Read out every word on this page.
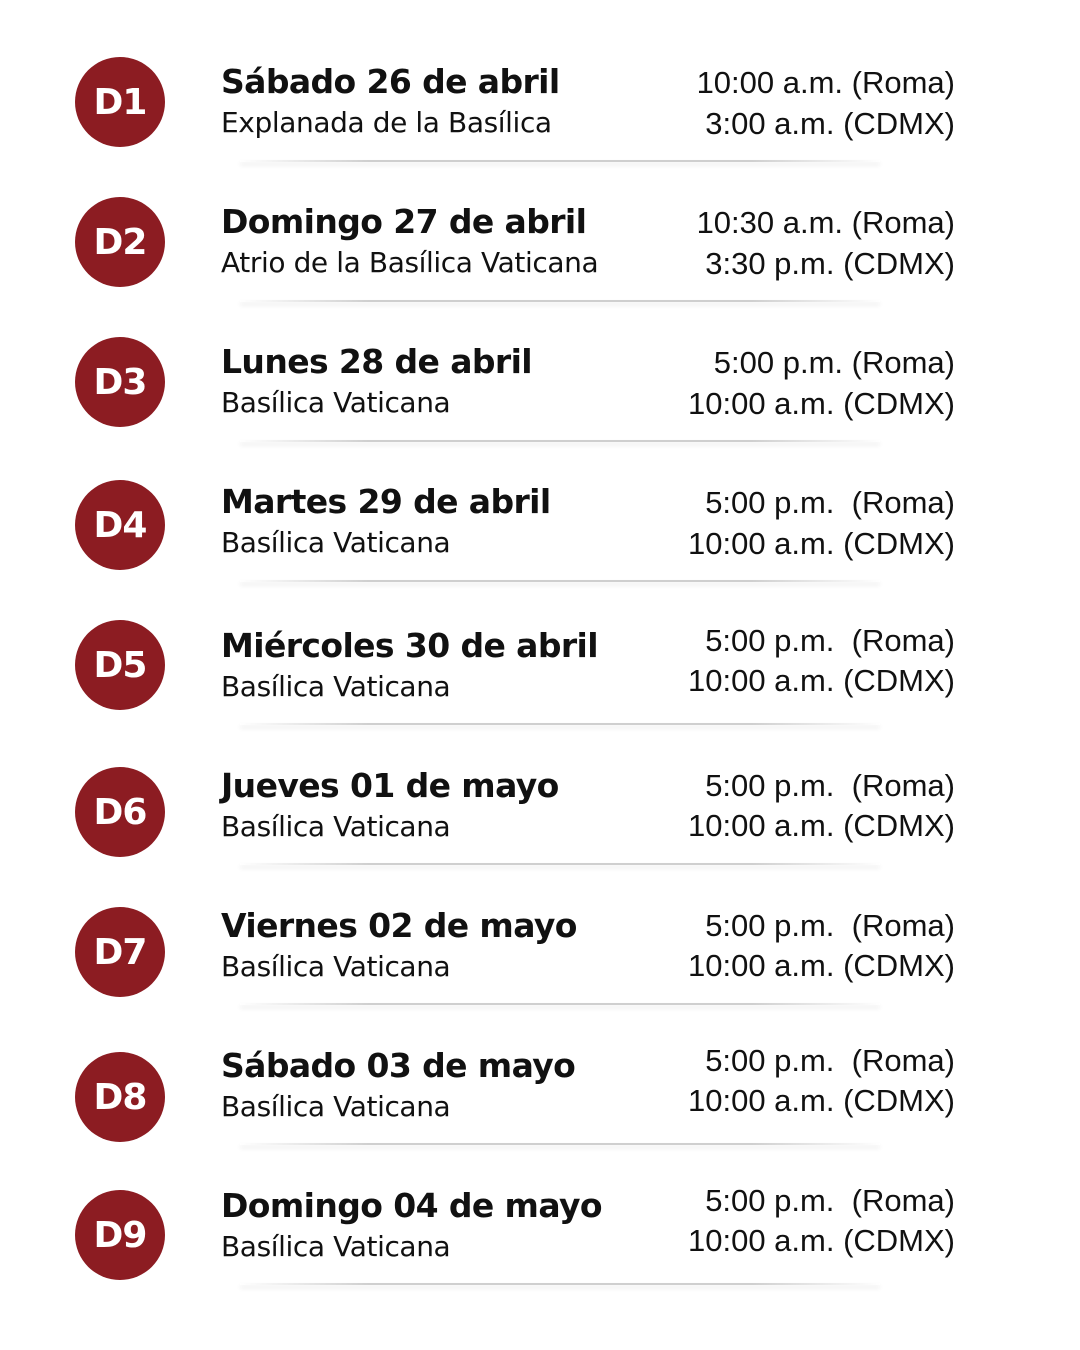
D1	Sábado 26 de abril
Explanada de la Basílica
10:00 a.m. (Roma)
3:00 a.m. (CDMX)
D2	Domingo 27 de abril
Atrio de la Basílica Vaticana
10:30 a.m. (Roma)
3:30 p.m. (CDMX)
D3	Lunes 28 de abril
Basílica Vaticana
5:00 p.m. (Roma)
10:00 a.m. (CDMX)
D4
Martes 29 de abril
Basílica Vaticana
5:00 p.m.  (Roma)
10:00 a.m. (CDMX)
D5	Miércoles 30 de abril
Basílica Vaticana
5:00 p.m.  (Roma)
10:00 a.m. (CDMX)
D6
Jueves 01 de mayo
Basílica Vaticana
5:00 p.m.  (Roma)
10:00 a.m. (CDMX)
D7
Viernes 02 de mayo
Basílica Vaticana
5:00 p.m.  (Roma)
10:00 a.m. (CDMX)
D8
Sábado 03 de mayo
Basílica Vaticana
5:00 p.m.  (Roma)
10:00 a.m. (CDMX)
D9
Domingo 04 de mayo
Basílica Vaticana
5:00 p.m.  (Roma)
10:00 a.m. (CDMX)
